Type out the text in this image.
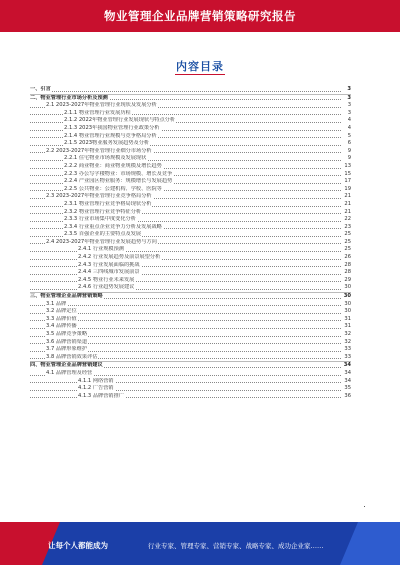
物业管理企业品牌营销策略研究报告
内容目录
一、引言	3
二、物业管理行业市场分析及预测	3
2.1 2023-2027年物业管理行业现状及发展分析	3
2.1.1 物业管理行业发展历程	3
2.1.2 2022年物业管理行业发展现状与特点分析	4
2.1.3 2023年我国物业管理行业政策分析	4
2.1.4 物业管理行业规模与竞争格局分析	5
2.1.5 2023物业服务发展趋势及分析	6
2.2 2023-2027年物业管理行业细分市场分析	9
2.2.1 住宅物业市场规模及发展现状	9
2.2.2 商业物业：商业物业规模及增长趋势	13
2.2.3 办公写字楼物业：市场规模、增长及竞争	15
2.2.4 产业园区物业服务：规模增长与发展趋势	17
2.2.5 公共物业：公建机构、学校、医院等	19
2.3 2023-2027年物业管理行业竞争格局分析	21
2.3.1 物业管理行业竞争格局现状分析	21
2.3.2 物业管理行业竞争特征分析	21
2.3.3 行业市场集中度变化分析	22
2.3.4 行业重点企业竞争力分析及发展战略	23
2.3.5 百强企业的主要特点及发展	25
2.4 2023-2027年物业管理行业发展趋势与方向	25
2.4.1 行业规模预测	25
2.4.2 行业发展趋势及前景展望分析	26
2.4.3 行业发展面临的挑战	28
2.4.4 三四线城市发展前景	28
2.4.5 物业行业未来发展	29
2.4.6 行业趋势发展建议	30
三、物业管理企业品牌营销策略	30
3.1 品牌	30
3.2 品牌定位	30
3.3 品牌价值	31
3.4 品牌传播	31
3.5 品牌竞争策略	32
3.6 品牌营销渠道	32
3.7 品牌形象维护	33
3.8 品牌营销效果评估	33
四、物业管理企业品牌营销建议	34
4.1 品牌管理及经营	34
4.1.1 网络营销	34
4.1.2 广告营销	35
4.1.3 品牌营销推广	36
让每个人都能成为	行业专家、管理专家、营销专家、战略专家、成功企业家……
